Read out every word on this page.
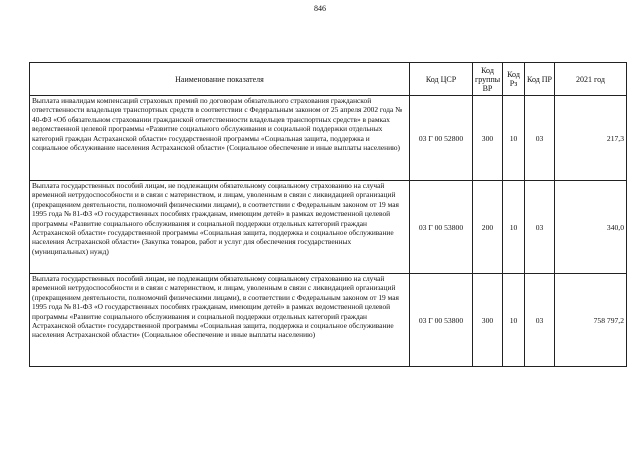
846
Наименование показателя	Код ЦСР	Код группы ВР	Код Рз	Код ПР	2021 год
Выплата инвалидам компенсаций страховых премий по договорам обязательного страхования гражданской ответственности владельцев транспортных средств в соответствии с Федеральным законом от 25 апреля 2002 года № 40-ФЗ «Об обязательном страховании гражданской ответственности владельцев транспортных средств» в рамках ведомственной целевой программы «Развитие социального обслуживания и социальной поддержки отдельных категорий граждан Астраханской области» государственной программы «Социальная защита, поддержка и социальное обслуживание населения Астраханской области» (Социальное обеспечение и иные выплаты населению)	03 Г 00 52800	300	10	03	217,3
Выплата государственных пособий лицам, не подлежащим обязательному социальному страхованию на случай временной нетрудоспособности и в связи с материнством, и лицам, уволенным в связи с ликвидацией организаций (прекращением деятельности, полномочий физическими лицами), в соответствии с Федеральным законом от 19 мая 1995 года № 81-ФЗ «О государственных пособиях гражданам, имеющим детей» в рамках ведомственной целевой программы «Развитие социального обслуживания и социальной поддержки отдельных категорий граждан Астраханской области» государственной программы «Социальная защита, поддержка и социальное обслуживание населения Астраханской области» (Закупка товаров, работ и услуг для обеспечения государственных (муниципальных) нужд)	03 Г 00 53800	200	10	03	340,0
Выплата государственных пособий лицам, не подлежащим обязательному социальному страхованию на случай временной нетрудоспособности и в связи с материнством, и лицам, уволенным в связи с ликвидацией организаций (прекращением деятельности, полномочий физическими лицами), в соответствии с Федеральным законом от 19 мая 1995 года № 81-ФЗ «О государственных пособиях гражданам, имеющим детей» в рамках ведомственной целевой программы «Развитие социального обслуживания и социальной поддержки отдельных категорий граждан Астраханской области» государственной программы «Социальная защита, поддержка и социальное обслуживание населения Астраханской области» (Социальное обеспечение и иные выплаты населению)	03 Г 00 53800	300	10	03	758 797,2
